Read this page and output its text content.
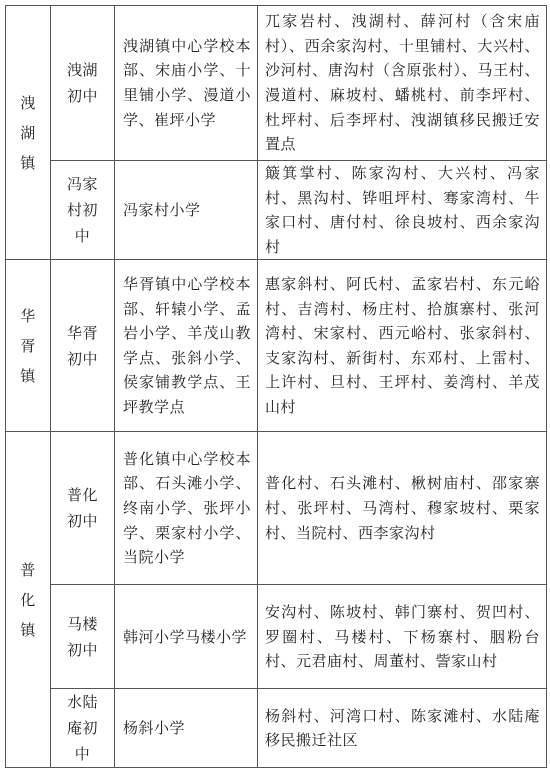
洩湖镇	洩湖初中	洩湖镇中心学校本部、宋庙小学、十里铺小学、漫道小学、崔坪小学	兀家岩村、洩湖村、薛河村（含宋庙村）、西余家沟村、十里铺村、大兴村、沙河村、唐沟村（含原张村）、马王村、漫道村、麻坡村、蟠桃村、前李坪村、杜坪村、后李坪村、洩湖镇移民搬迁安置点

	冯家村初中	冯家村小学	簸箕掌村、陈家沟村、大兴村、冯家村、黑沟村、铧咀坪村、骞家湾村、牛家口村、唐付村、徐良坡村、西余家沟村

华胥镇	华胥初中	华胥镇中心学校本部、轩辕小学、孟岩小学、羊茂山教学点、张斜小学、侯家铺教学点、王坪教学点	惠家斜村、阿氏村、孟家岩村、东元峪村、吉湾村、杨庄村、拾旗寨村、张河湾村、宋家村、西元峪村、张家斜村、支家沟村、新街村、东邓村、上雷村、上许村、旦村、王坪村、姜湾村、羊茂山村

普化镇	普化初中	普化镇中心学校本部、石头滩小学、终南小学、张坪小学、栗家村小学、当院小学	普化村、石头滩村、楸树庙村、邵家寨村、张坪村、马湾村、穆家坡村、栗家村、当院村、西李家沟村

	马楼初中	韩河小学马楼小学	安沟村、陈坡村、韩门寨村、贺凹村、罗圈村、马楼村、下杨寨村、胭粉台村、元君庙村、周董村、訾家山村

	水陆庵初中	杨斜小学	杨斜村、河湾口村、陈家滩村、水陆庵移民搬迁社区
